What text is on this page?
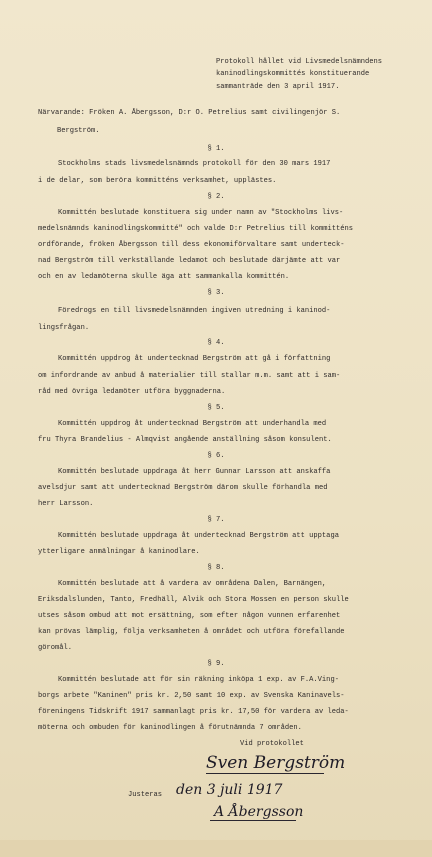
Protokoll hållet vid Livsmedelsnämndens
kaninodlingskommittés konstituerande
sammanträde den 3 april 1917.
Närvarande: Fröken A. Åbergsson, D:r O. Petrelius samt civilingenjör S.
Bergström.
§ 1.
Stockholms stads livsmedelsnämnds protokoll för den 30 mars 1917
i de delar, som beröra kommitténs verksamhet, upplästes.
§ 2.
Kommittén beslutade konstituera sig under namn av "Stockholms livs-
medelsnämnds kaninodlingskommitté" och valde D:r Petrelius till kommitténs
ordförande, fröken Åbergsson till dess ekonomiförvaltare samt underteck-
nad Bergström till verkställande ledamot och beslutade därjämte att var
och en av ledamöterna skulle äga att sammankalla kommittén.
§ 3.
Föredrogs en till livsmedelsnämnden ingiven utredning i kaninod-
lingsfrågan.
§ 4.
Kommittén uppdrog åt undertecknad Bergström att gå i författning
om infordrande av anbud å materialier till stallar m.m. samt att i sam-
råd med övriga ledamöter utföra byggnaderna.
§ 5.
Kommittén uppdrog åt undertecknad Bergström att underhandla med
fru Thyra Brandelius - Almqvist angående anställning såsom konsulent.
§ 6.
Kommittén beslutade uppdraga åt herr Gunnar Larsson att anskaffa
avelsdjur samt att undertecknad Bergström därom skulle förhandla med
herr Larsson.
§ 7.
Kommittén beslutade uppdraga åt undertecknad Bergström att upptaga
ytterligare anmälningar å kaninodlare.
§ 8.
Kommittén beslutade att å vardera av områdena Dalen, Barnängen,
Eriksdalslunden, Tanto, Fredhäll, Alvik och Stora Mossen en person skulle
utses såsom ombud att mot ersättning, som efter någon vunnen erfarenhet
kan prövas lämplig, följa verksamheten å området och utföra förefallande
göromål.
§ 9.
Kommittén beslutade att för sin räkning inköpa 1 exp. av F.A.Ving-
borgs arbete "Kaninen" pris kr. 2,50 samt 10 exp. av Svenska Kaninavels-
föreningens Tidskrift 1917 sammanlagt pris kr. 17,50 för vardera av leda-
möterna och ombuden för kaninodlingen å förutnämnda 7 områden.
Vid protokollet
Sven Bergström
Justeras den 3 juli 1917
A Åbergsson
